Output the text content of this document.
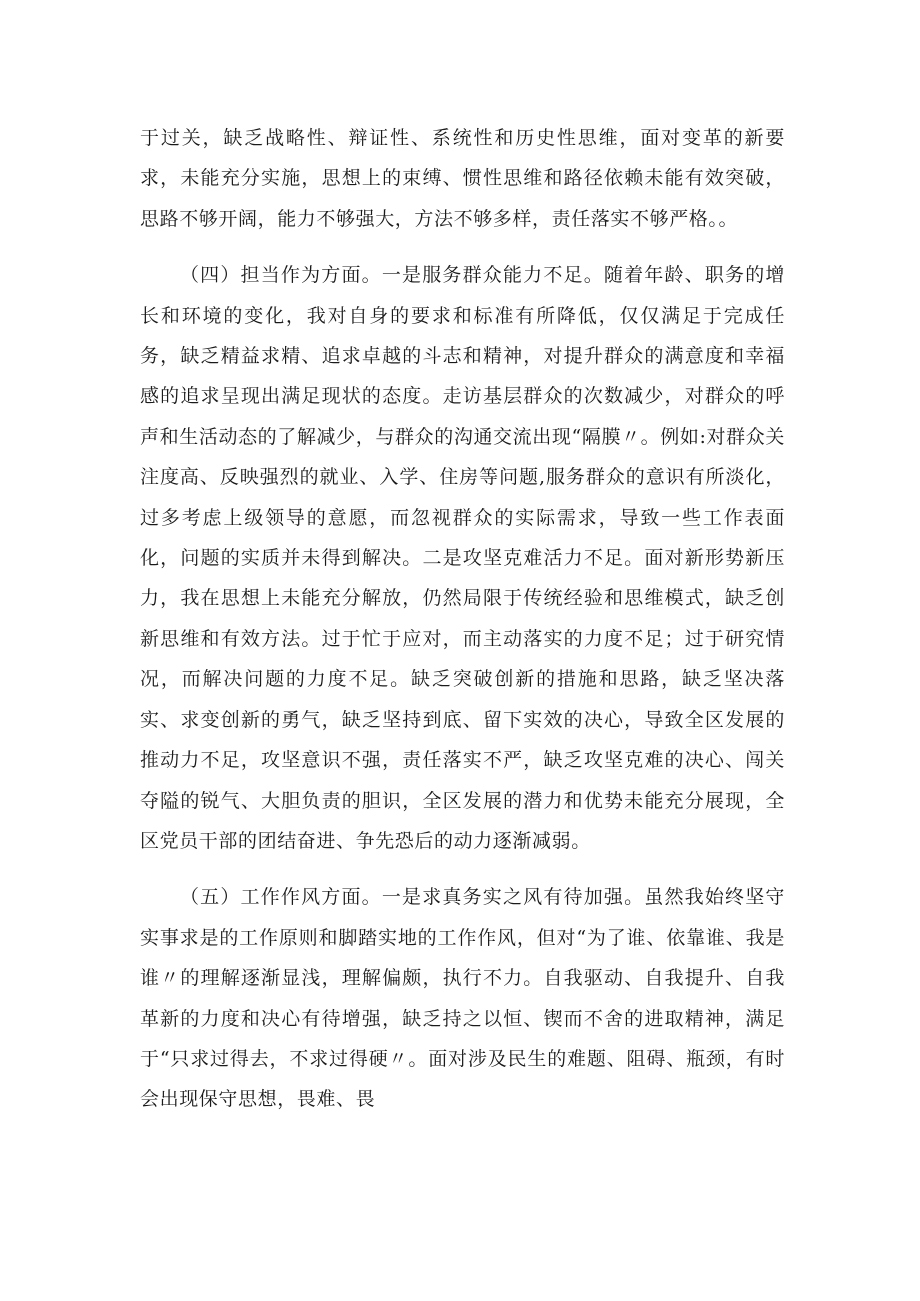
于过关，缺乏战略性、辩证性、系统性和历史性思维，面对变革的新要求，未能充分实施，思想上的束缚、惯性思维和路径依赖未能有效突破，思路不够开阔，能力不够强大，方法不够多样，责任落实不够严格。。

（四）担当作为方面。一是服务群众能力不足。随着年龄、职务的增长和环境的变化，我对自身的要求和标准有所降低，仅仅满足于完成任务，缺乏精益求精、追求卓越的斗志和精神，对提升群众的满意度和幸福感的追求呈现出满足现状的态度。走访基层群众的次数减少，对群众的呼声和生活动态的了解减少，与群众的沟通交流出现“隔膜〃。例如:对群众关注度高、反映强烈的就业、入学、住房等问题,服务群众的意识有所淡化，过多考虑上级领导的意愿，而忽视群众的实际需求，导致一些工作表面化，问题的实质并未得到解决。二是攻坚克难活力不足。面对新形势新压力，我在思想上未能充分解放，仍然局限于传统经验和思维模式，缺乏创新思维和有效方法。过于忙于应对，而主动落实的力度不足；过于研究情况，而解决问题的力度不足。缺乏突破创新的措施和思路，缺乏坚决落实、求变创新的勇气，缺乏坚持到底、留下实效的决心，导致全区发展的推动力不足，攻坚意识不强，责任落实不严，缺乏攻坚克难的决心、闯关夺隘的锐气、大胆负责的胆识，全区发展的潜力和优势未能充分展现，全区党员干部的团结奋进、争先恐后的动力逐渐减弱。

（五）工作作风方面。一是求真务实之风有待加强。虽然我始终坚守实事求是的工作原则和脚踏实地的工作作风，但对“为了谁、依靠谁、我是谁〃的理解逐渐显浅，理解偏颇，执行不力。自我驱动、自我提升、自我革新的力度和决心有待增强，缺乏持之以恒、锲而不舍的进取精神，满足于“只求过得去，不求过得硬〃。面对涉及民生的难题、阻碍、瓶颈，有时会出现保守思想，畏难、畏
